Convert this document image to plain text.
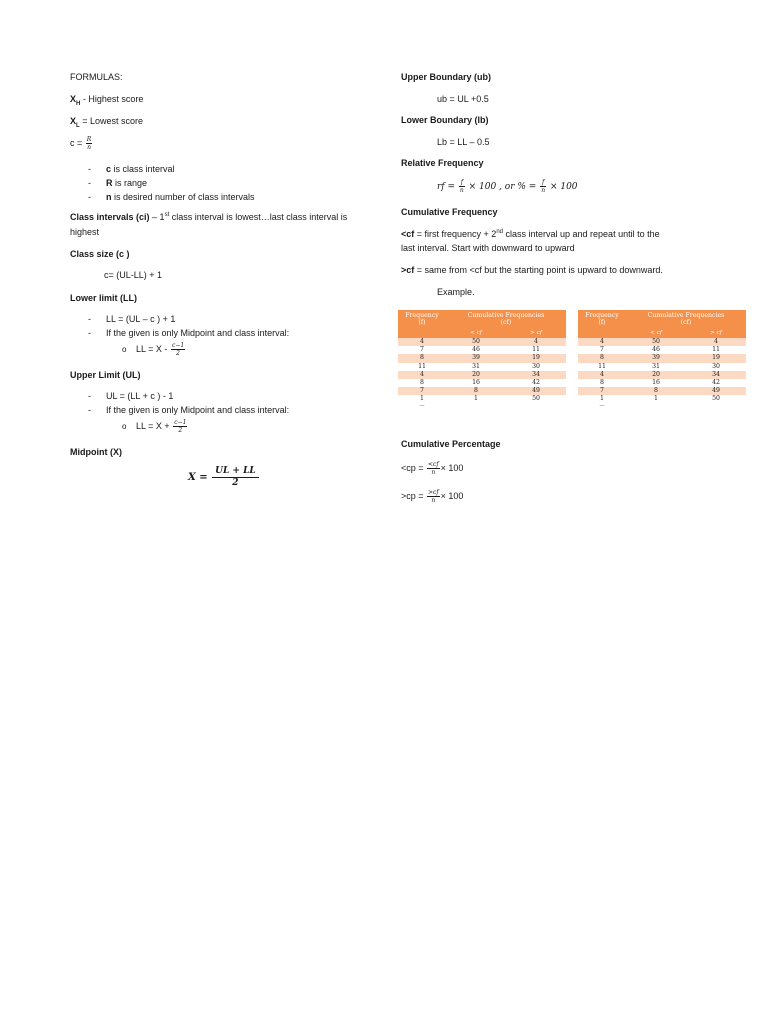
FORMULAS:
$X_H$ - Highest score
$X_L$ = Lowest score
$c = \frac{R}{n}$
- c is class interval
- R is range
- n is desired number of class intervals
Class intervals (ci) – 1st class interval is lowest…last class interval is
highest
Class size (c )
c= (UL-LL) + 1
Lower limit (LL)
- LL = (UL – c ) + 1
- If the given is only Midpoint and class interval:
o LL = X - $\frac{c-1}{2}$
Upper Limit (UL)
- UL = (LL + c ) - 1
- If the given is only Midpoint and class interval:
o LL = $X + \frac{c-1}{2}$
Midpoint (X)
$X = \frac{UL + LL}{2}$
Upper Boundary (ub)
ub = UL +0.5
Lower Boundary (lb)
Lb = LL – 0.5
Relative Frequency
rf = $\frac{f}{n} \times 100$ , or % = $\frac{f}{n} \times 100$
Cumulative Frequency
<cf = first frequency + 2nd class interval up and repeat until to the
last interval. Start with downward to upward
>cf = same from <cf but the starting point is upward to downward.
Example.
Frequency
(f)	Cumulative Frequencies
(cf)	
	< cf	> cf
4	50	4
7	46	11
8	39	19
11	31	30
4	20	34
8	16	42
7	8	49
1	1	50
––		
Frequency
(f)	Cumulative Frequencies
(cf)	
	< cf	> cf
4	50	4
7	46	11
8	39	19
11	31	30
4	20	34
8	16	42
7	8	49
1	1	50
––		
Cumulative Percentage
$<cp = \frac{<cf}{n} \times 100$
$>cp = \frac{>cf}{n} \times 100$
